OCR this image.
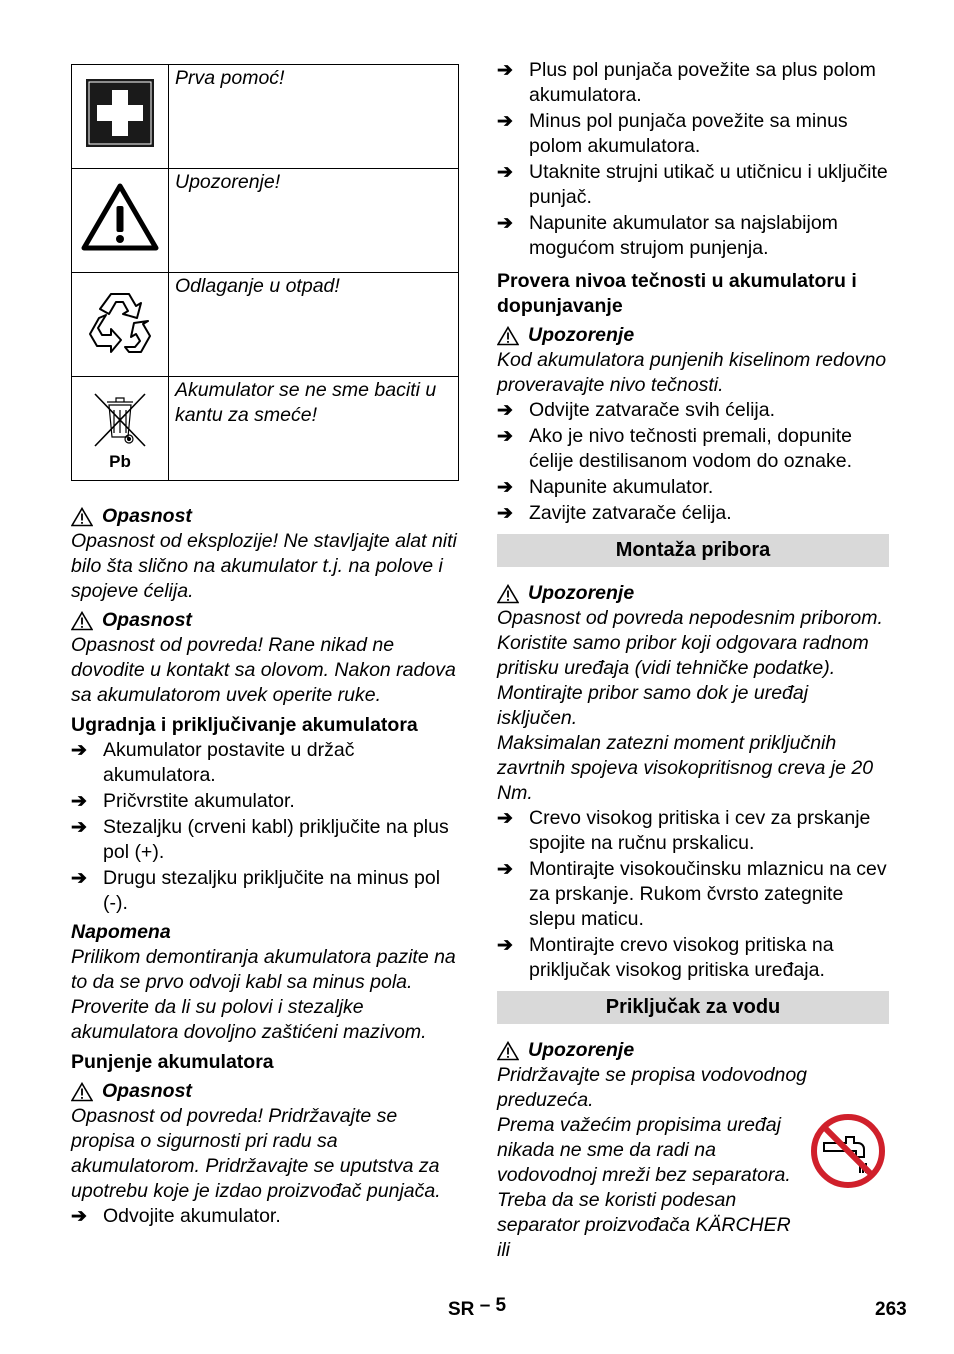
	Prva pomoć!
	Upozorenje!
	Odlaganje u otpad!

Pb	Akumulator se ne sme baciti u kantu za smeće!
Opasnost

Opasnost od eksplozije! Ne stavljajte alat niti bilo šta slično na akumulator t.j. na polove i spojeve ćelija.

Opasnost

Opasnost od povreda! Rane nikad ne dovodite u kontakt sa olovom. Nakon radova sa akumulatorom uvek operite ruke.

Ugradnja i priključivanje akumulatora
➔ Akumulator postavite u držač akumulatora.
➔ Pričvrstite akumulator.
➔ Stezaljku (crveni kabl) priključite na plus pol (+).
➔ Drugu stezaljku priključite na minus pol (-).
Napomena

Prilikom demontiranja akumulatora pazite na to da se prvo odvoji kabl sa minus pola. Proverite da li su polovi i stezaljke akumulatora dovoljno zaštićeni mazivom.

Punjenje akumulatora
Opasnost

Opasnost od povreda! Pridržavajte se propisa o sigurnosti pri radu sa akumulatorom. Pridržavajte se uputstva za upotrebu koje je izdao proizvođač punjača.

➔ Odvojite akumulator.
➔ Plus pol punjača povežite sa plus polom akumulatora.
➔ Minus pol punjača povežite sa minus polom akumulatora.
➔ Utaknite strujni utikač u utičnicu i uključite punjač.
➔ Napunite akumulator sa najslabijom mogućom strujom punjenja.
Provera nivoa tečnosti u akumulatoru i dopunjavanje
Upozorenje

Kod akumulatora punjenih kiselinom redovno proveravajte nivo tečnosti.

➔ Odvijte zatvarače svih ćelija.
➔ Ako je nivo tečnosti premali, dopunite ćelije destilisanom vodom do oznake.
➔ Napunite akumulator.
➔ Zavijte zatvarače ćelija.
Montaža pribora
Upozorenje

Opasnost od povreda nepodesnim priborom. Koristite samo pribor koji odgovara radnom pritisku uređaja (vidi tehničke podatke).

Montirajte pribor samo dok je uređaj isključen.

Maksimalan zatezni moment priključnih zavrtnih spojeva visokopritisnog creva je 20 Nm.

➔ Crevo visokog pritiska i cev za prskanje spojite na ručnu prskalicu.
➔ Montirajte visokoučinsku mlaznicu na cev za prskanje. Rukom čvrsto zategnite slepu maticu.
➔ Montirajte crevo visokog pritiska na priključak visokog pritiska uređaja.
Priključak za vodu
Upozorenje

Pridržavajte se propisa vodovodnog preduzeća.

Prema važećim propisima uređaj nikada ne sme da radi na vodovodnoj mreži bez separatora. Treba da se koristi podesan separator proizvođača KÄRCHER ili

SR – 5	263
